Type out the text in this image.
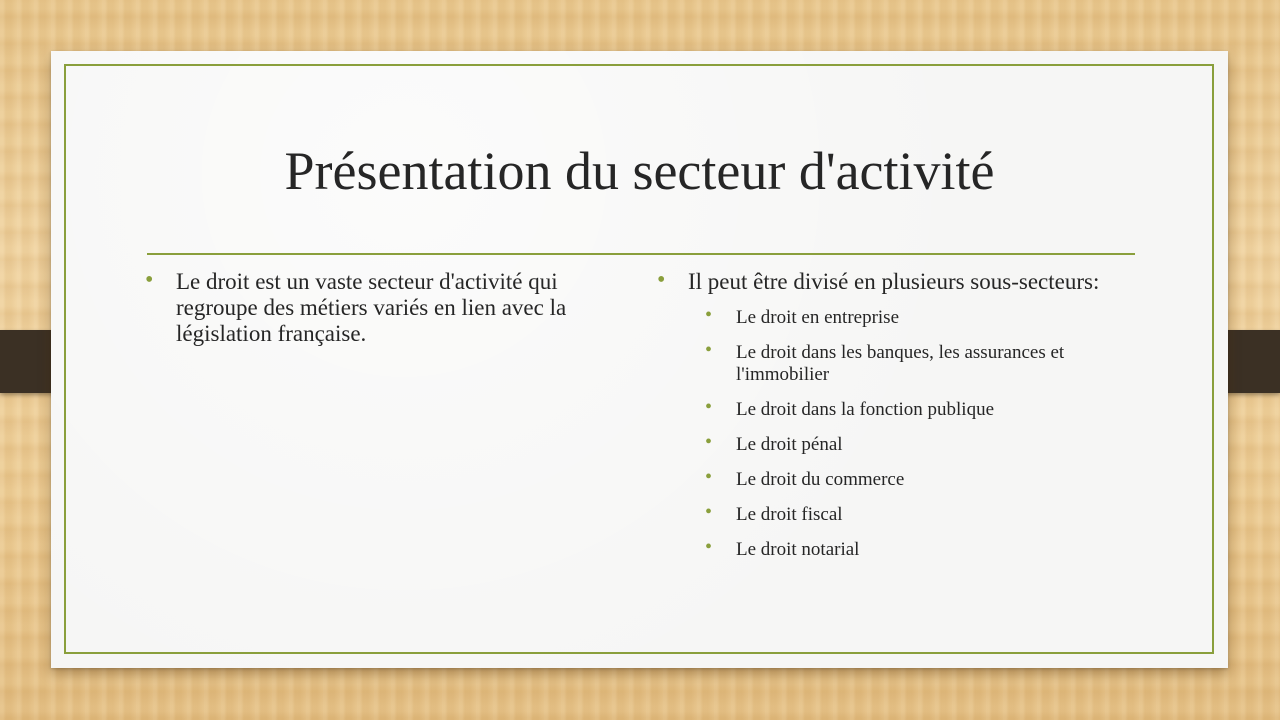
Présentation du secteur d'activité
• Le droit est un vaste secteur d'activité qui regroupe des métiers variés en lien avec la législation française.
• Il peut être divisé en plusieurs sous-secteurs:
• Le droit en entreprise
• Le droit dans les banques, les assurances et l'immobilier
• Le droit dans la fonction publique
• Le droit pénal
• Le droit du commerce
• Le droit fiscal
• Le droit notarial
